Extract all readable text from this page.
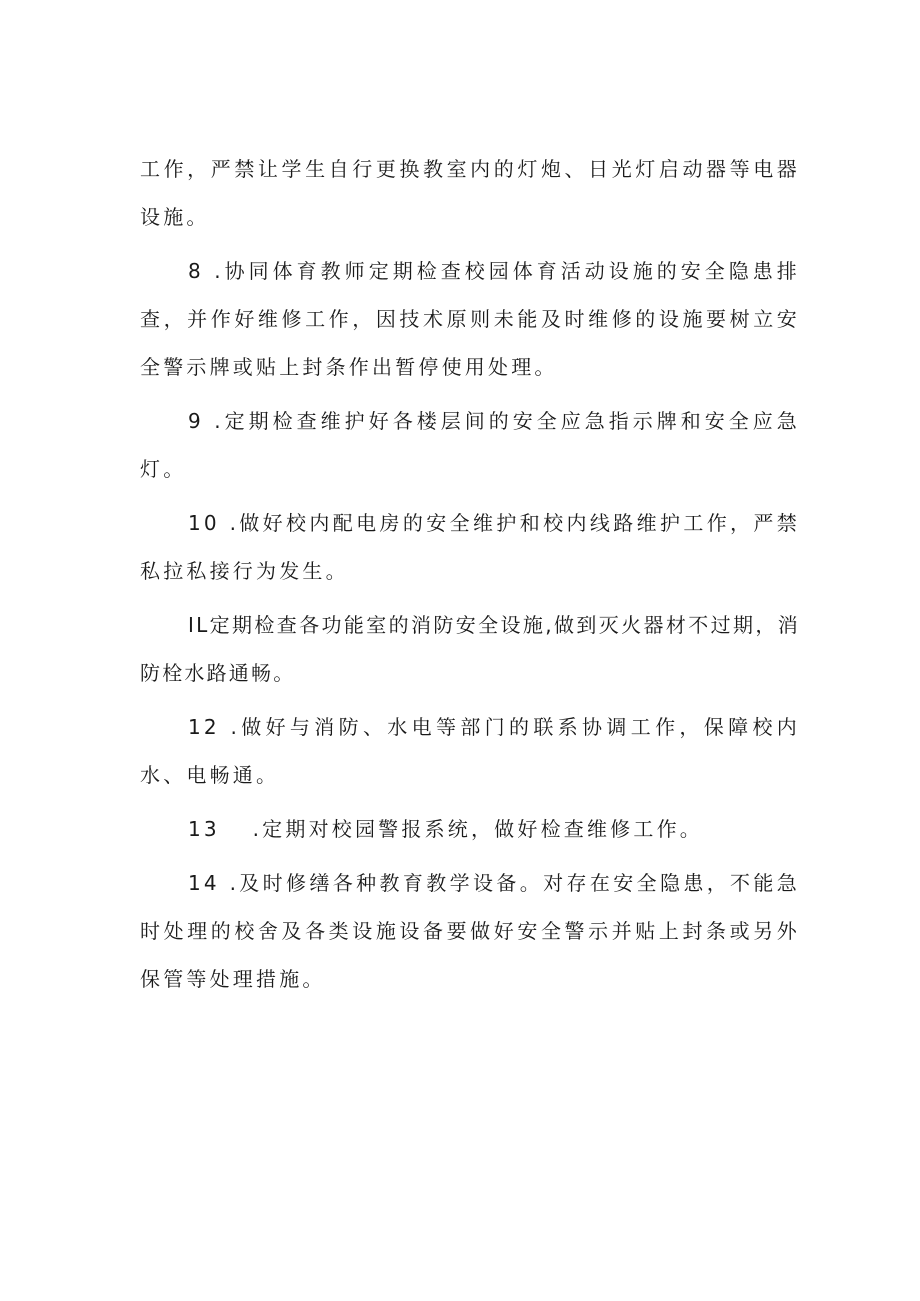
工作，严禁让学生自行更换教室内的灯炮、日光灯启动器等电器设施。

8 .协同体育教师定期检查校园体育活动设施的安全隐患排查，并作好维修工作，因技术原则未能及时维修的设施要树立安全警示牌或贴上封条作出暂停使用处理。

9 .定期检查维护好各楼层间的安全应急指示牌和安全应急灯。

10 .做好校内配电房的安全维护和校内线路维护工作，严禁私拉私接行为发生。

IL定期检查各功能室的消防安全设施,做到灭火器材不过期，消防栓水路通畅。

12 .做好与消防、水电等部门的联系协调工作，保障校内水、电畅通。

13　 .定期对校园警报系统，做好检查维修工作。

14 .及时修缮各种教育教学设备。对存在安全隐患，不能急时处理的校舍及各类设施设备要做好安全警示并贴上封条或另外保管等处理措施。
